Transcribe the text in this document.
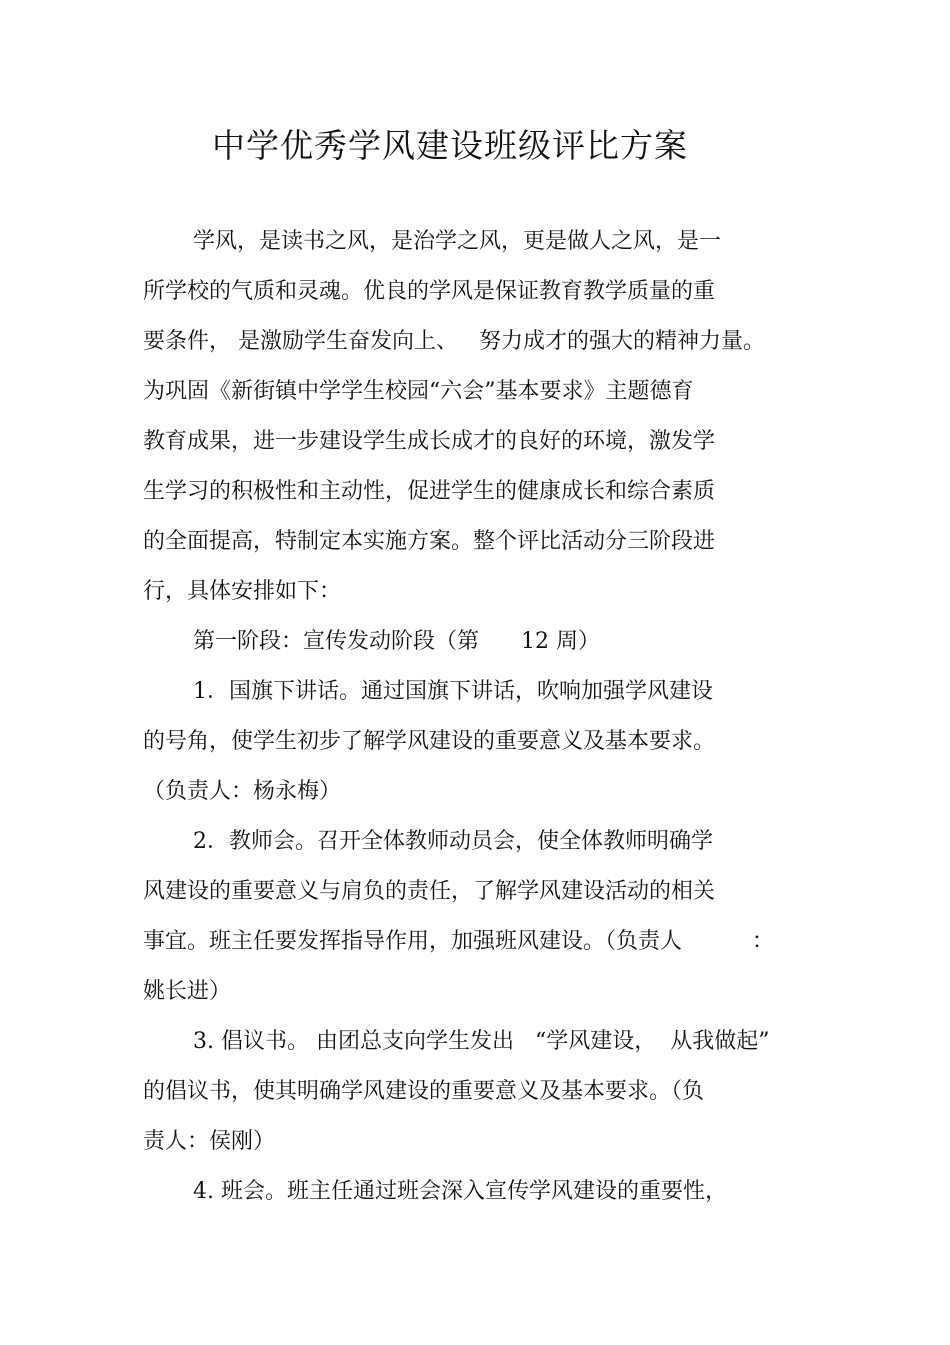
中学优秀学风建设班级评比方案

学风，是读书之风，是治学之风，更是做人之风，是一

所学校的气质和灵魂。优良的学风是保证教育教学质量的重

要条件， 是激励学生奋发向上、   努力成才的强大的精神力量。

为巩固《新街镇中学学生校园“六会”基本要求》主题德育

教育成果，进一步建设学生成长成才的良好的环境，激发学

生学习的积极性和主动性，促进学生的健康成长和综合素质

的全面提高，特制定本实施方案。整个评比活动分三阶段进

行，具体安排如下：

第一阶段：宣传发动阶段（第      12 周）

1．国旗下讲话。通过国旗下讲话，吹响加强学风建设

的号角，使学生初步了解学风建设的重要意义及基本要求。

（负责人：杨永梅）

2．教师会。召开全体教师动员会，使全体教师明确学

风建设的重要意义与肩负的责任，了解学风建设活动的相关

事宜。班主任要发挥指导作用，加强班风建设。（负责人          ：

姚长进）

3. 倡议书。 由团总支向学生发出   “学风建设，  从我做起”

的倡议书，使其明确学风建设的重要意义及基本要求。（负

责人：侯刚）

4. 班会。班主任通过班会深入宣传学风建设的重要性，
